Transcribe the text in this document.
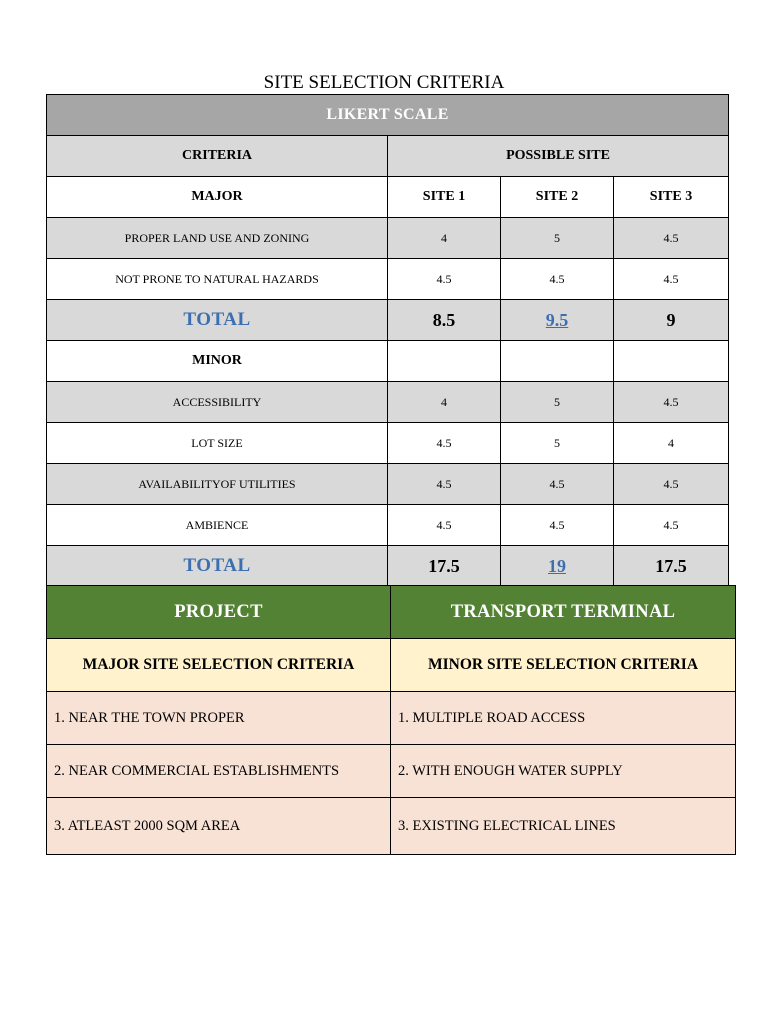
SITE SELECTION CRITERIA
LIKERT SCALE			
CRITERIA	POSSIBLE SITE		
MAJOR	SITE 1	SITE 2	SITE 3
PROPER LAND USE AND ZONING	4	5	4.5
NOT PRONE TO NATURAL HAZARDS	4.5	4.5	4.5
TOTAL	8.5	9.5	9
MINOR			
ACCESSIBILITY	4	5	4.5
LOT SIZE	4.5	5	4
AVAILABILITYOF UTILITIES	4.5	4.5	4.5
AMBIENCE	4.5	4.5	4.5
TOTAL	17.5	19	17.5
PROJECT	TRANSPORT TERMINAL
MAJOR SITE SELECTION CRITERIA	MINOR SITE SELECTION CRITERIA
1. NEAR THE TOWN PROPER	1. MULTIPLE ROAD ACCESS
2. NEAR COMMERCIAL ESTABLISHMENTS	2. WITH ENOUGH WATER SUPPLY
3. ATLEAST 2000 SQM AREA	3. EXISTING ELECTRICAL LINES
